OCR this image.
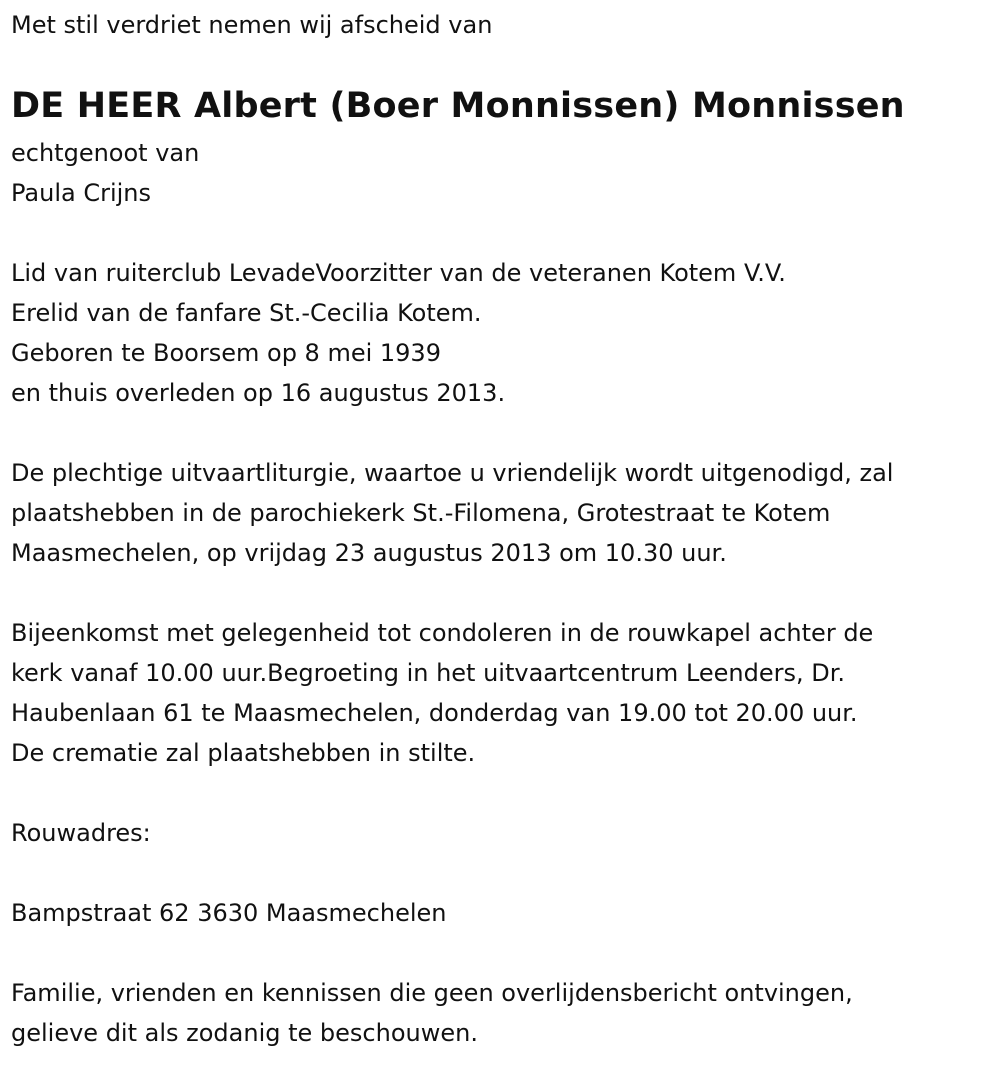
Met stil verdriet nemen wij afscheid van
DE HEER Albert (Boer Monnissen) Monnissen
echtgenoot van
Paula Crijns
Lid van ruiterclub LevadeVoorzitter van de veteranen Kotem V.V.
Erelid van de fanfare St.-Cecilia Kotem.
Geboren te Boorsem op 8 mei 1939
en thuis overleden op 16 augustus 2013.
De plechtige uitvaartliturgie, waartoe u vriendelijk wordt uitgenodigd, zal
plaatshebben in de parochiekerk St.-Filomena, Grotestraat te Kotem
Maasmechelen, op vrijdag 23 augustus 2013 om 10.30 uur.
Bijeenkomst met gelegenheid tot condoleren in de rouwkapel achter de
kerk vanaf 10.00 uur.Begroeting in het uitvaartcentrum Leenders, Dr.
Haubenlaan 61 te Maasmechelen, donderdag van 19.00 tot 20.00 uur.
De crematie zal plaatshebben in stilte.
Rouwadres:
Bampstraat 62 3630 Maasmechelen
Familie, vrienden en kennissen die geen overlijdensbericht ontvingen,
gelieve dit als zodanig te beschouwen.
